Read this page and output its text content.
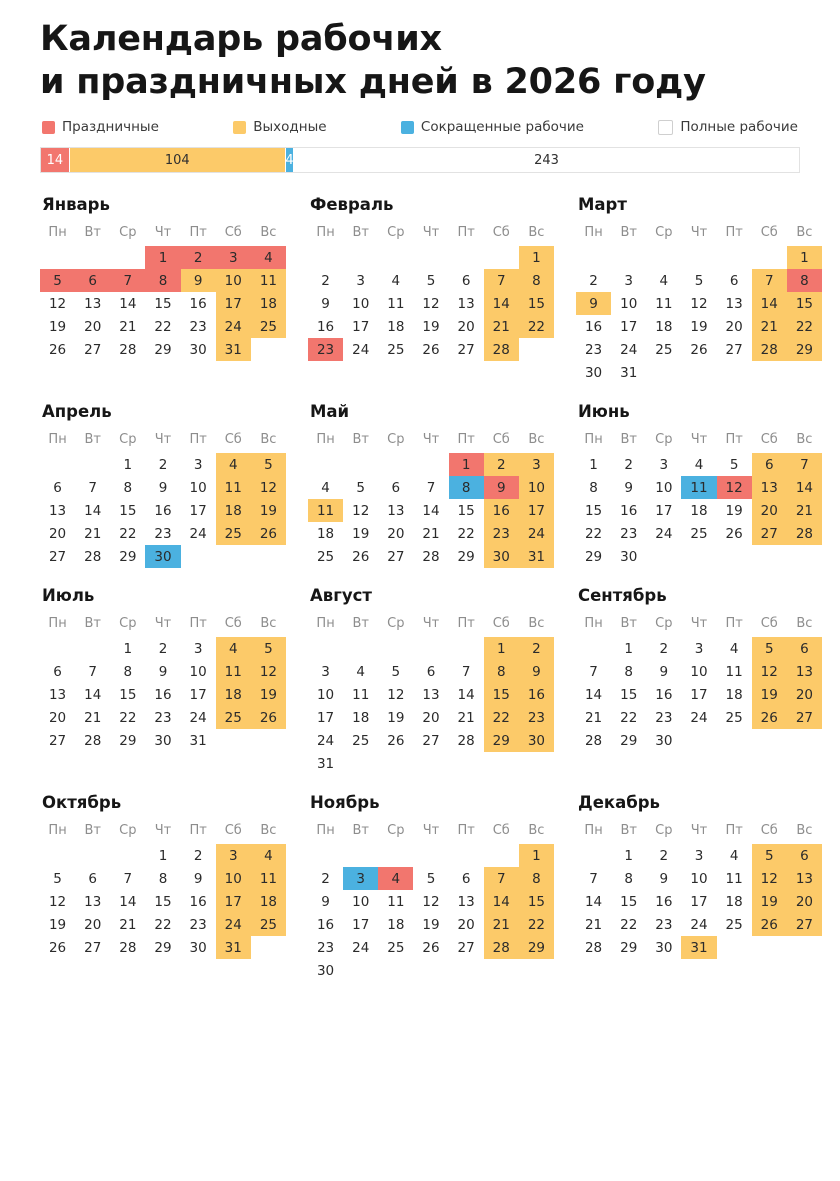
Календарь рабочих
и праздничных дней в 2026 году
Праздничные	Выходные	Сокращенные рабочие	Полные рабочие
14	104	4	243
Январь
Пн	Вт	Ср	Чт	Пт	Сб	Вс
			1	2	3	4
5	6	7	8	9	10	11
12	13	14	15	16	17	18
19	20	21	22	23	24	25
26	27	28	29	30	31	
Февраль
Пн	Вт	Ср	Чт	Пт	Сб	Вс
						1
2	3	4	5	6	7	8
9	10	11	12	13	14	15
16	17	18	19	20	21	22
23	24	25	26	27	28	
Март
Пн	Вт	Ср	Чт	Пт	Сб	Вс
						1
2	3	4	5	6	7	8
9	10	11	12	13	14	15
16	17	18	19	20	21	22
23	24	25	26	27	28	29
30	31					
Апрель
Пн	Вт	Ср	Чт	Пт	Сб	Вс
		1	2	3	4	5
6	7	8	9	10	11	12
13	14	15	16	17	18	19
20	21	22	23	24	25	26
27	28	29	30			
Май
Пн	Вт	Ср	Чт	Пт	Сб	Вс
				1	2	3
4	5	6	7	8	9	10
11	12	13	14	15	16	17
18	19	20	21	22	23	24
25	26	27	28	29	30	31
Июнь
Пн	Вт	Ср	Чт	Пт	Сб	Вс
1	2	3	4	5	6	7
8	9	10	11	12	13	14
15	16	17	18	19	20	21
22	23	24	25	26	27	28
29	30					
Июль
Пн	Вт	Ср	Чт	Пт	Сб	Вс
		1	2	3	4	5
6	7	8	9	10	11	12
13	14	15	16	17	18	19
20	21	22	23	24	25	26
27	28	29	30	31		
Август
Пн	Вт	Ср	Чт	Пт	Сб	Вс
					1	2
3	4	5	6	7	8	9
10	11	12	13	14	15	16
17	18	19	20	21	22	23
24	25	26	27	28	29	30
31						
Сентябрь
Пн	Вт	Ср	Чт	Пт	Сб	Вс
	1	2	3	4	5	6
7	8	9	10	11	12	13
14	15	16	17	18	19	20
21	22	23	24	25	26	27
28	29	30				
Октябрь
Пн	Вт	Ср	Чт	Пт	Сб	Вс
			1	2	3	4
5	6	7	8	9	10	11
12	13	14	15	16	17	18
19	20	21	22	23	24	25
26	27	28	29	30	31	
Ноябрь
Пн	Вт	Ср	Чт	Пт	Сб	Вс
						1
2	3	4	5	6	7	8
9	10	11	12	13	14	15
16	17	18	19	20	21	22
23	24	25	26	27	28	29
30						
Декабрь
Пн	Вт	Ср	Чт	Пт	Сб	Вс
	1	2	3	4	5	6
7	8	9	10	11	12	13
14	15	16	17	18	19	20
21	22	23	24	25	26	27
28	29	30	31			
